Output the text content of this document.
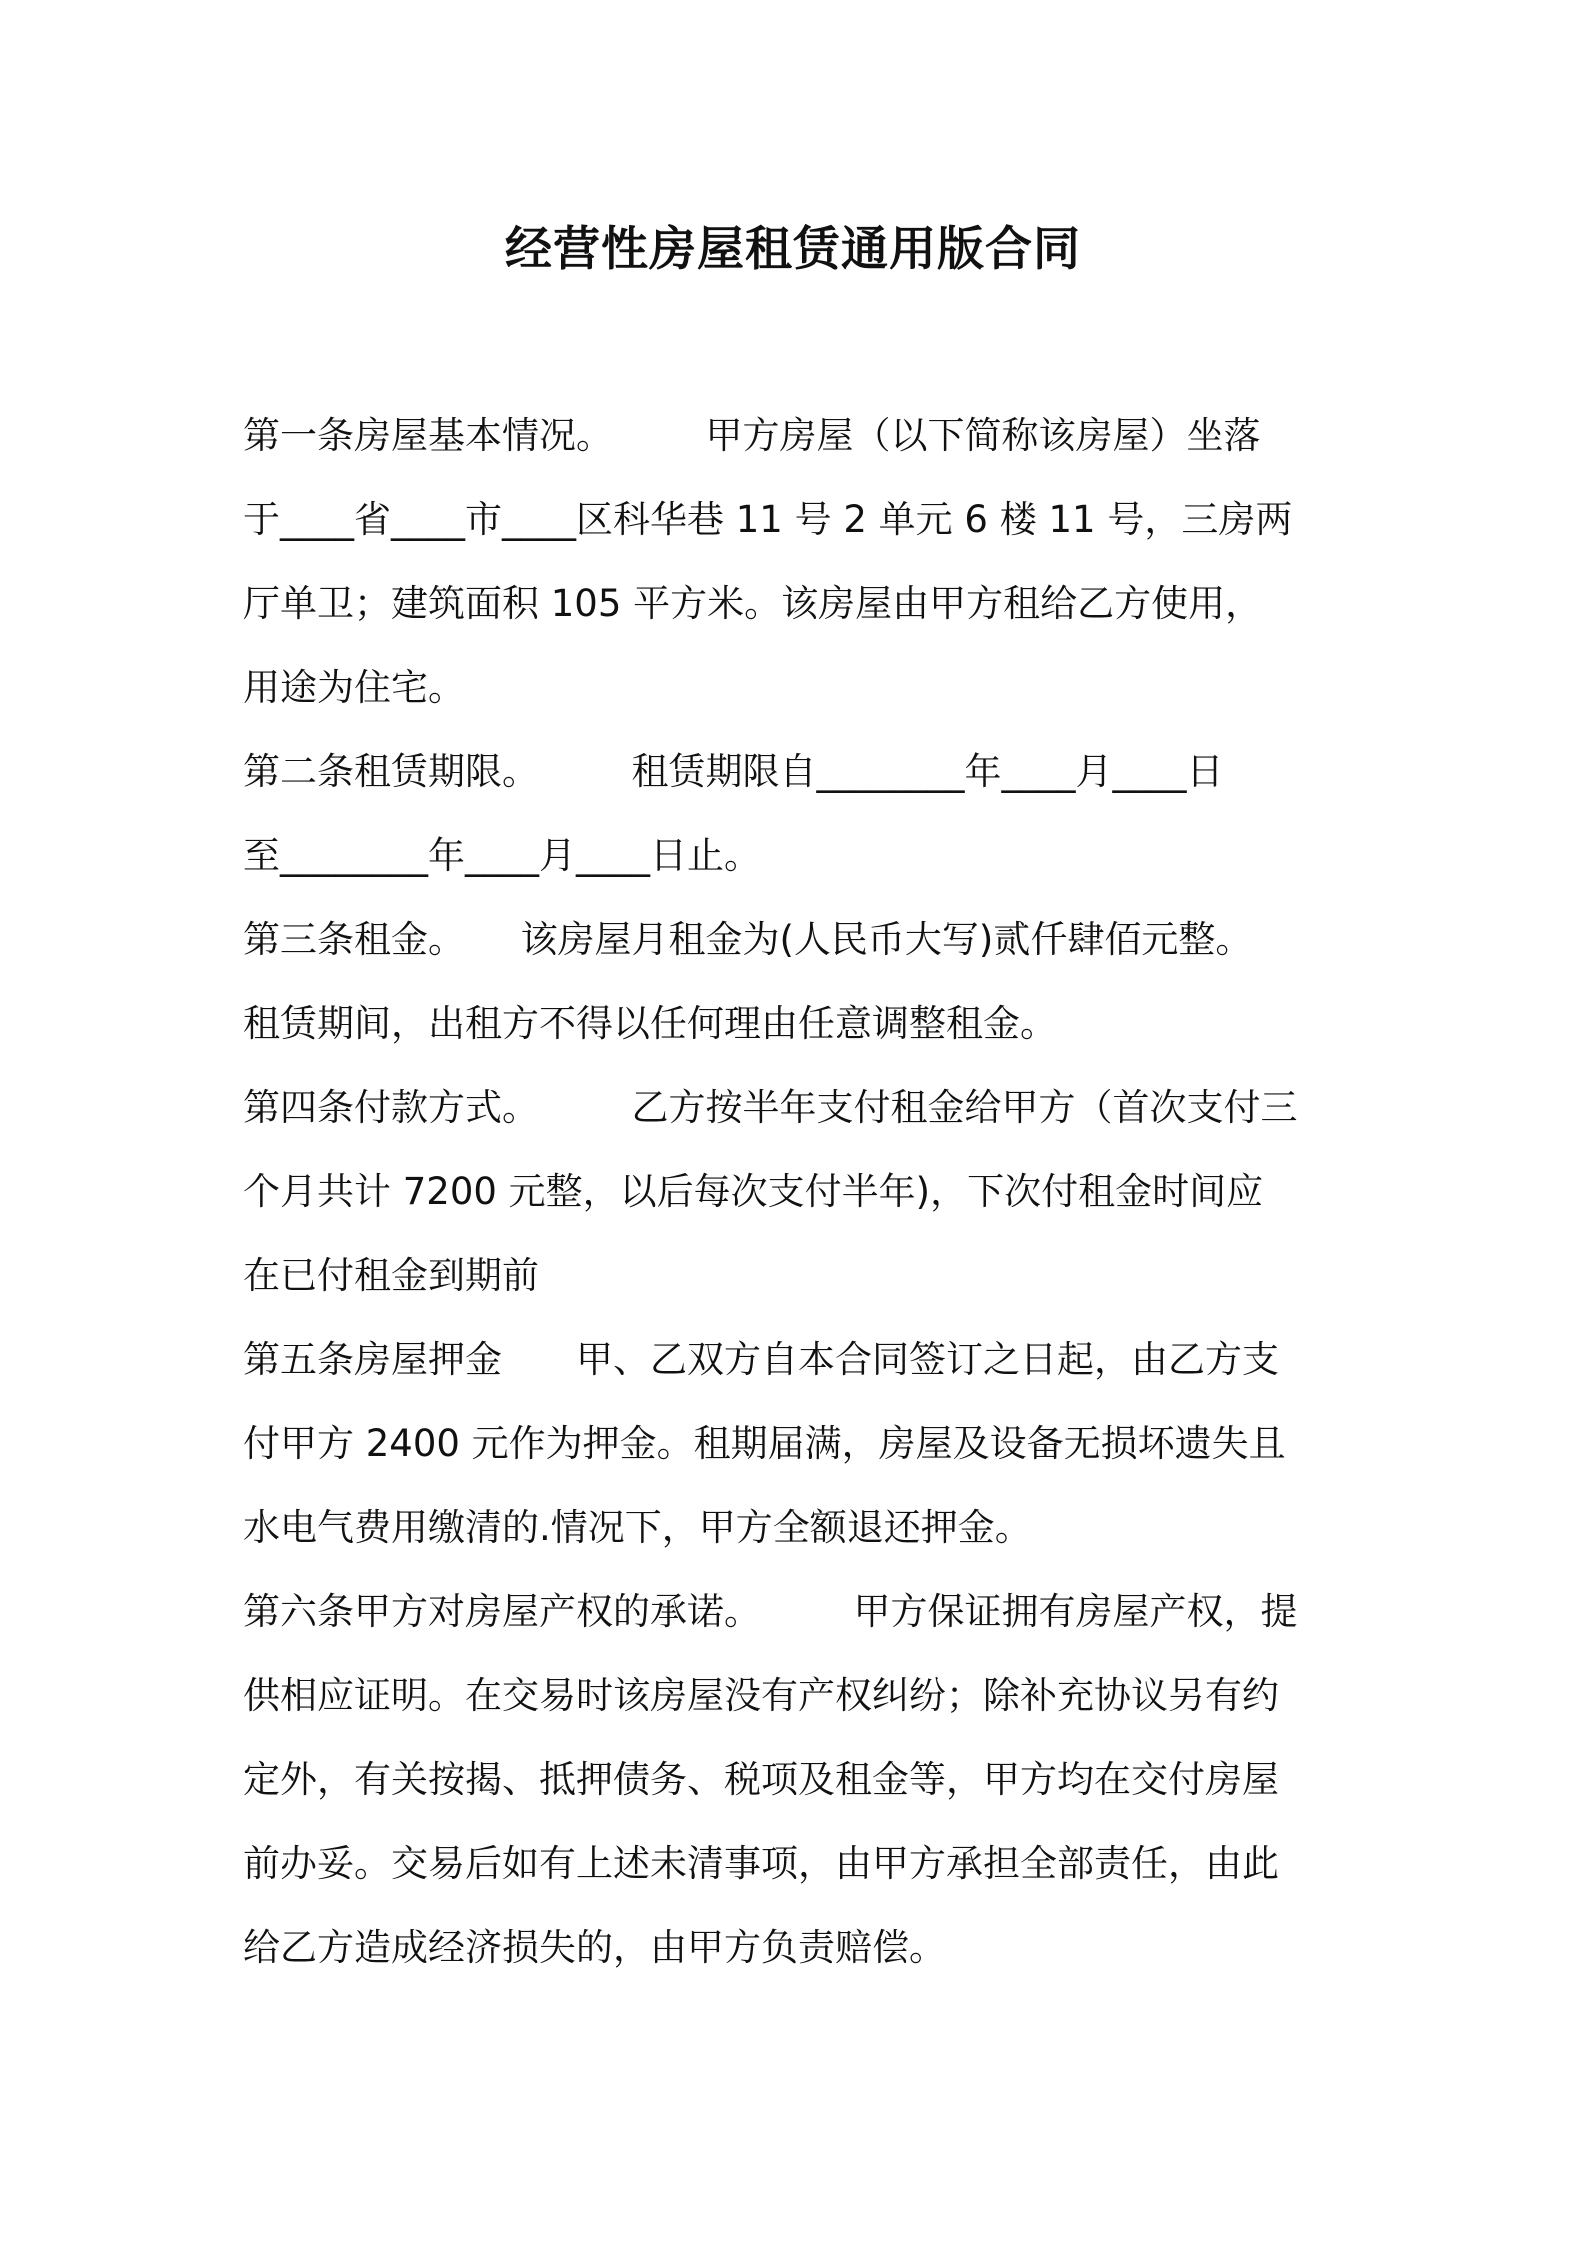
经营性房屋租赁通用版合同
第一条房屋基本情况。　　　甲方房屋（以下简称该房屋）坐落
于____省____市____区科华巷 11 号 2 单元 6 楼 11 号，三房两
厅单卫；建筑面积 105 平方米。该房屋由甲方租给乙方使用，
用途为住宅。
第二条租赁期限。　　　租赁期限自________年____月____日
至________年____月____日止。
第三条租金。　　该房屋月租金为(人民币大写)贰仟肆佰元整。
租赁期间，出租方不得以任何理由任意调整租金。
第四条付款方式。　　　乙方按半年支付租金给甲方（首次支付三
个月共计 7200 元整，以后每次支付半年)，下次付租金时间应
在已付租金到期前
第五条房屋押金　　甲、乙双方自本合同签订之日起，由乙方支
付甲方 2400 元作为押金。租期届满，房屋及设备无损坏遗失且
水电气费用缴清的.情况下，甲方全额退还押金。
第六条甲方对房屋产权的承诺。　　　甲方保证拥有房屋产权，提
供相应证明。在交易时该房屋没有产权纠纷；除补充协议另有约
定外，有关按揭、抵押债务、税项及租金等，甲方均在交付房屋
前办妥。交易后如有上述未清事项，由甲方承担全部责任，由此
给乙方造成经济损失的，由甲方负责赔偿。
